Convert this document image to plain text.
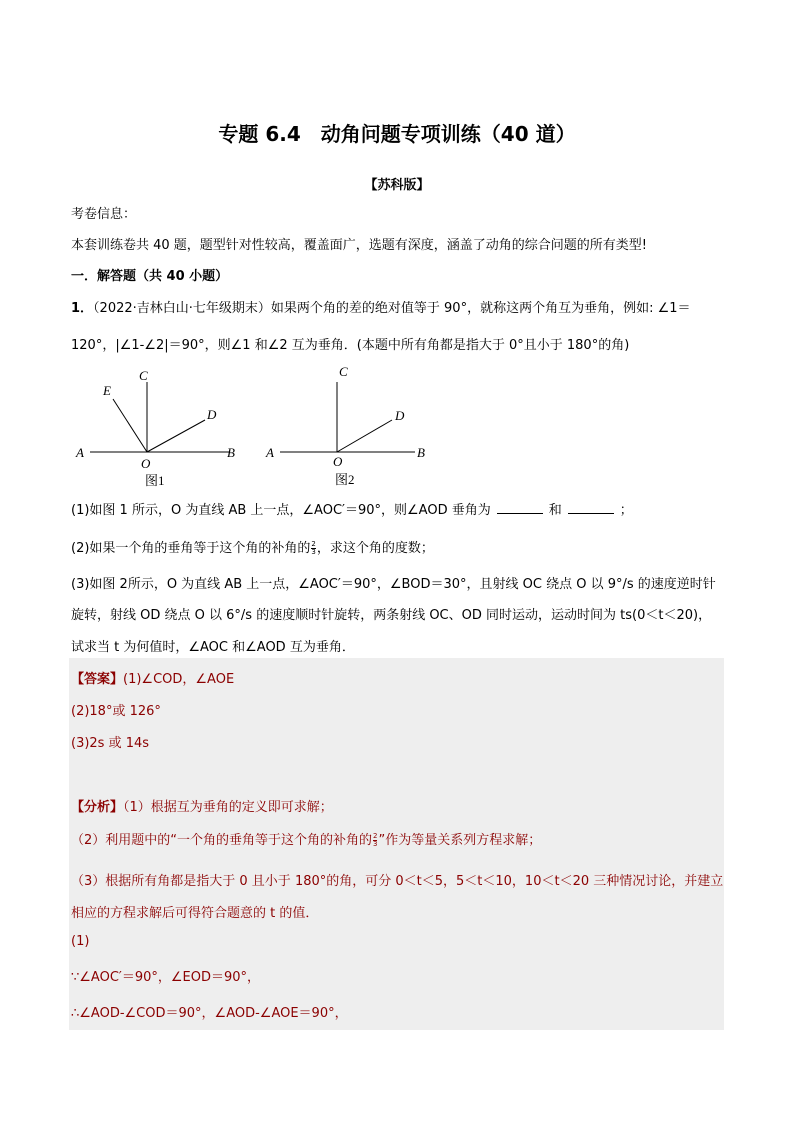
专题 6.4　动角问题专项训练（40 道）
【苏科版】
考卷信息：
本套训练卷共 40 题，题型针对性较高，覆盖面广，选题有深度，涵盖了动角的综合问题的所有类型!
一．解答题（共 40 小题）
1．（2022·吉林白山·七年级期末）如果两个角的差的绝对值等于 90°，就称这两个角互为垂角，例如: ∠1＝
120°，|∠1-∠2|＝90°，则∠1 和∠2 互为垂角．(本题中所有角都是指大于 0°且小于 180°的角)
A	B
O
C
E
D
图1
A	B
O
C
D
图2
(1)如图 1 所示，O 为直线 AB 上一点，∠AOC′＝90°，则∠AOD 垂角为	和	；
(2)如果一个角的垂角等于这个角的补角的 $\frac{2}{3}$ ，求这个角的度数；
(3)如图 2所示，O 为直线 AB 上一点，∠AOC′＝90°，∠BOD＝30°，且射线 OC 绕点 O 以 9°/s 的速度逆时针
旋转，射线 OD 绕点 O 以 6°/s 的速度顺时针旋转，两条射线 OC、OD 同时运动，运动时间为 ts(0＜t＜20)，
试求当 t 为何值时，∠AOC 和∠AOD 互为垂角．
【答案】(1)∠COD，∠AOE
(2)18°或 126°
(3)2s 或 14s
【分析】（1）根据互为垂角的定义即可求解；
（2）利用题中的“一个角的垂角等于这个角的补角的 $\frac{2}{3}$ ”作为等量关系列方程求解；
（3）根据所有角都是指大于 0 且小于 180°的角，可分 0＜t＜5，5＜t＜10，10＜t＜20 三种情况讨论，并建立
相应的方程求解后可得符合题意的 t 的值．
(1)
∵∠AOC′＝90°，∠EOD＝90°，
∴∠AOD-∠COD＝90°，∠AOD-∠AOE＝90°，
